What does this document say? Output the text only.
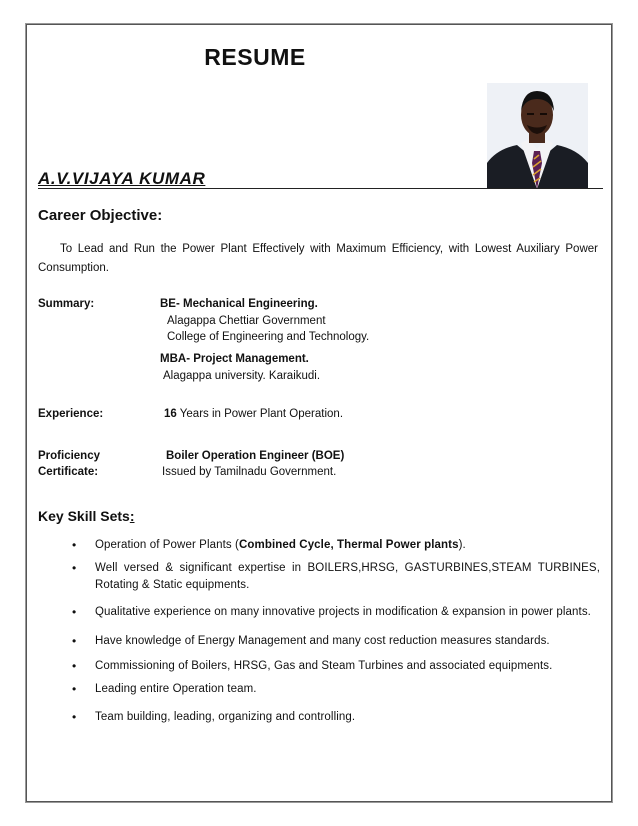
RESUME
A.V.VIJAYA KUMAR
Career Objective:
To Lead and Run the Power Plant Effectively with Maximum Efficiency, with Lowest Auxiliary Power Consumption.
Summary:	BE- Mechanical Engineering.
Alagappa Chettiar Government
College of Engineering and Technology.
MBA- Project Management.
Alagappa university. Karaikudi.
Experience:	16 Years in Power Plant Operation.
Proficiency
Certificate:
Boiler Operation Engineer (BOE)
Issued by Tamilnadu Government.
Key Skill Sets:
• Operation of Power Plants (Combined Cycle, Thermal Power plants).
• Well versed & significant expertise in BOILERS,HRSG, GASTURBINES,STEAM TURBINES, Rotating & Static equipments.
• Qualitative experience on many innovative projects in modification & expansion in power plants.
• Have knowledge of Energy Management and many cost reduction measures standards.
• Commissioning of Boilers, HRSG, Gas and Steam Turbines and associated equipments.
• Leading entire Operation team.
• Team building, leading, organizing and controlling.
